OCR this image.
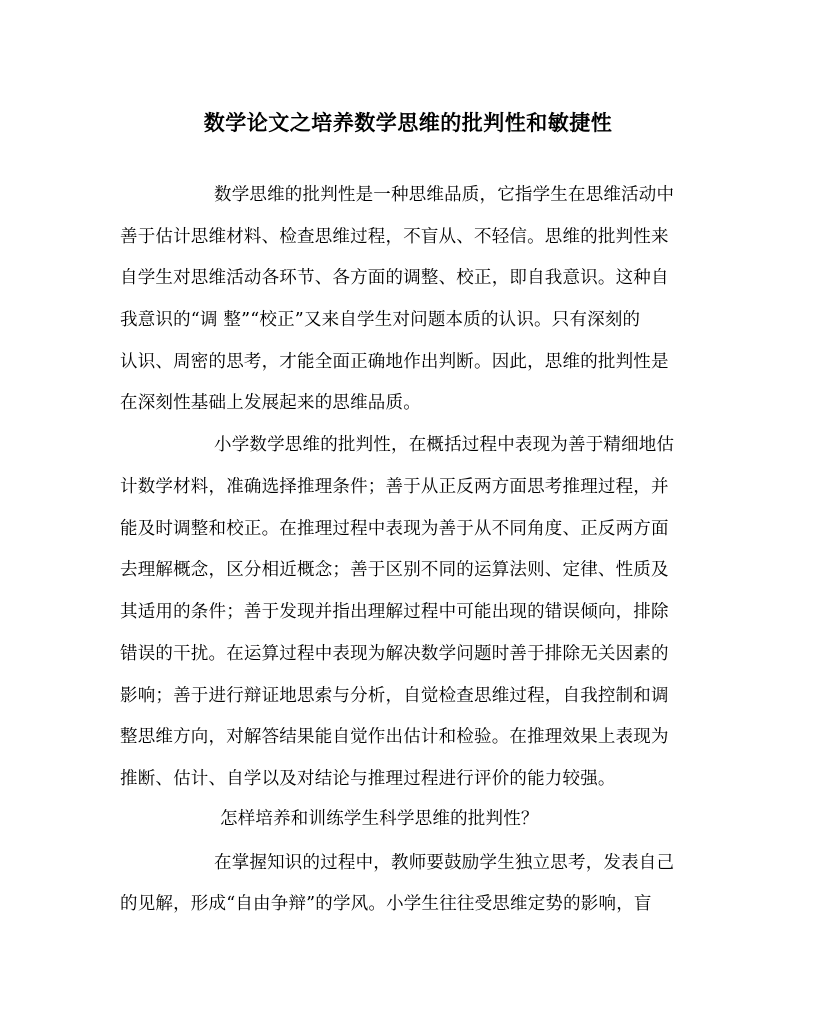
数学论文之培养数学思维的批判性和敏捷性
数学思维的批判性是一种思维品质，它指学生在思维活动中
善于估计思维材料、检查思维过程，不盲从、不轻信。思维的批判性来
自学生对思维活动各环节、各方面的调整、校正，即自我意识。这种自
我意识的“调 整”“校正”又来自学生对问题本质的认识。只有深刻的
认识、周密的思考，才能全面正确地作出判断。因此，思维的批判性是
在深刻性基础上发展起来的思维品质。
小学数学思维的批判性，在概括过程中表现为善于精细地估
计数学材料，准确选择推理条件；善于从正反两方面思考推理过程，并
能及时调整和校正。在推理过程中表现为善于从不同角度、正反两方面
去理解概念，区分相近概念；善于区别不同的运算法则、定律、性质及
其适用的条件；善于发现并指出理解过程中可能出现的错误倾向，排除
错误的干扰。在运算过程中表现为解决数学问题时善于排除无关因素的
影响；善于进行辩证地思索与分析，自觉检查思维过程，自我控制和调
整思维方向，对解答结果能自觉作出估计和检验。在推理效果上表现为
推断、估计、自学以及对结论与推理过程进行评价的能力较强。
怎样培养和训练学生科学思维的批判性？
在掌握知识的过程中，教师要鼓励学生独立思考，发表自己
的见解，形成“自由争辩”的学风。小学生往往受思维定势的影响，盲
